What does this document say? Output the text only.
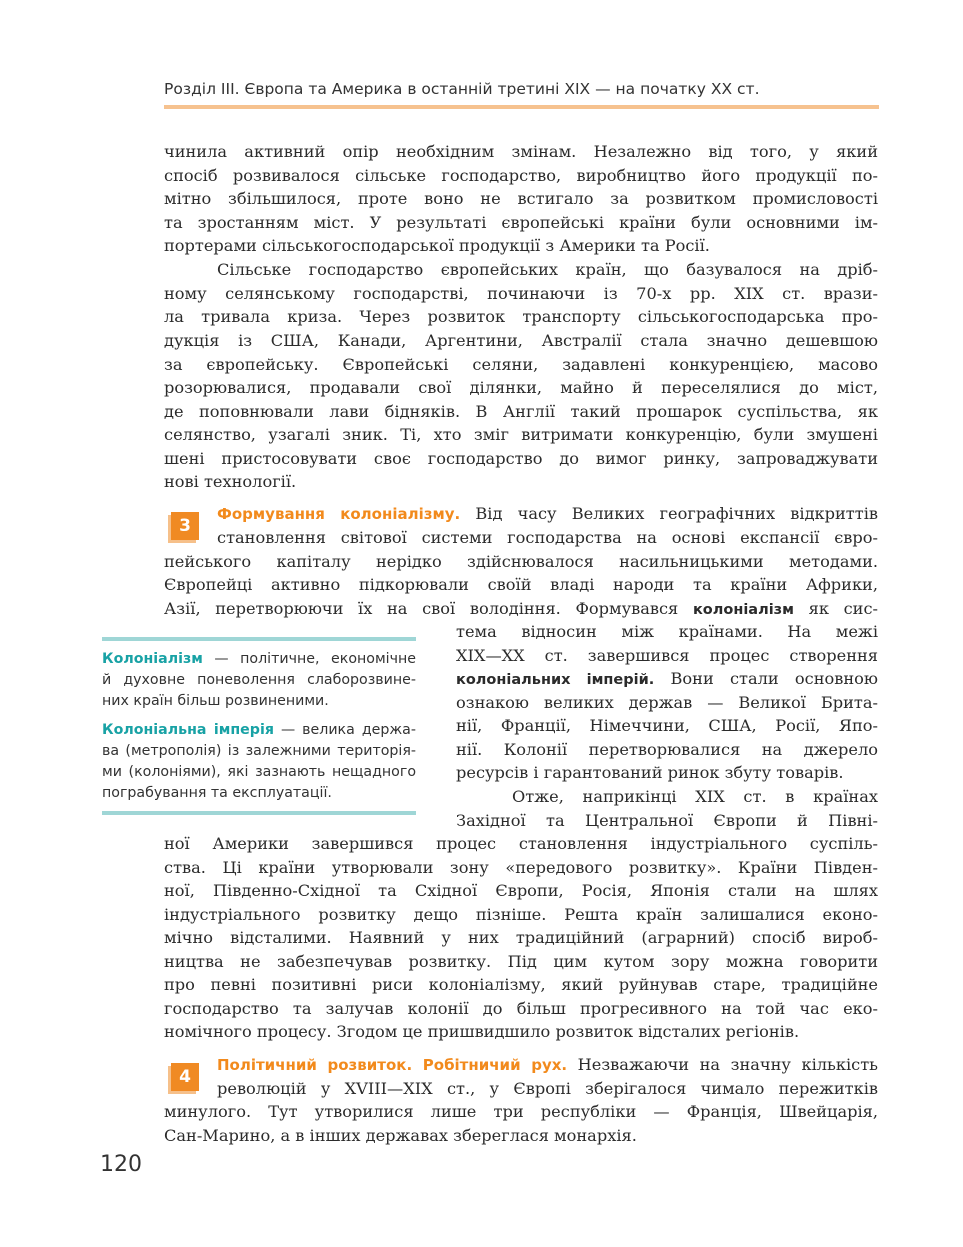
Розділ ІІІ. Європа та Америка в останній третині ХІХ — на початку ХХ ст.
чинила активний опір необхідним змінам. Незалежно від того, у який
спосіб розвивалося сільське господарство, виробництво його продукції по-
мітно збільшилося, проте воно не встигало за розвитком промисловості
та зростанням міст. У результаті європейські країни були основними ім-
портерами сільськогосподарської продукції з Америки та Росії.
Сільське господарство європейських країн, що базувалося на дріб-
ному селянському господарстві, починаючи із 70-х рр. ХІХ ст. врази-
ла тривала криза. Через розвиток транспорту сільськогосподарська про-
дукція із США, Канади, Аргентини, Австралії стала значно дешевшою
за європейську. Європейські селяни, задавлені конкуренцією, масово
розорювалися, продавали свої ділянки, майно й переселялися до міст,
де поповнювали лави бідняків. В Англії такий прошарок суспільства, як
селянство, узагалі зник. Ті, хто зміг витримати конкуренцію, були змушені
шені пристосовувати своє господарство до вимог ринку, запроваджувати
нові технології.
3
Формування колоніалізму. Від часу Великих географічних відкриттів
становлення світової системи господарства на основі експансії євро-
пейського капіталу нерідко здійснювалося насильницькими методами.
Європейці активно підкорювали своїй владі народи та країни Африки,
Азії, перетворюючи їх на свої володіння. Формувався колоніалізм як сис-
тема відносин між країнами. На межі
ХІХ—ХХ ст. завершився процес створення
колоніальних імперій. Вони стали основною
ознакою великих держав — Великої Брита-
нії, Франції, Німеччини, США, Росії, Япо-
нії. Колонії перетворювалися на джерело
ресурсів і гарантований ринок збуту товарів.
Отже, наприкінці ХІХ ст. в країнах
Західної та Центральної Європи й Півні-
Колоніалізм — політичне, економічне
й духовне поневолення слаборозвине-
них країн більш розвиненими.
Колоніальна імперія — велика держа-
ва (метрополія) із залежними територія-
ми (колоніями), які зазнають нещадного
пограбування та експлуатації.
ної Америки завершився процес становлення індустріального суспіль-
ства. Ці країни утворювали зону «передового розвитку». Країни Півден-
ної, Південно-Східної та Східної Європи, Росія, Японія стали на шлях
індустріального розвитку дещо пізніше. Решта країн залишалися еконо-
мічно відсталими. Наявний у них традиційний (аграрний) спосіб вироб-
ництва не забезпечував розвитку. Під цим кутом зору можна говорити
про певні позитивні риси колоніалізму, який руйнував старе, традиційне
господарство та залучав колонії до більш прогресивного на той час еко-
номічного процесу. Згодом це пришвидшило розвиток відсталих регіонів.
4
Політичний розвиток. Робітничий рух. Незважаючи на значну кількість
революцій у ХVІІІ—ХІХ ст., у Європі зберігалося чимало пережитків
минулого. Тут утворилися лише три республіки — Франція, Швейцарія,
Сан-Марино, а в інших державах збереглася монархія.
120
